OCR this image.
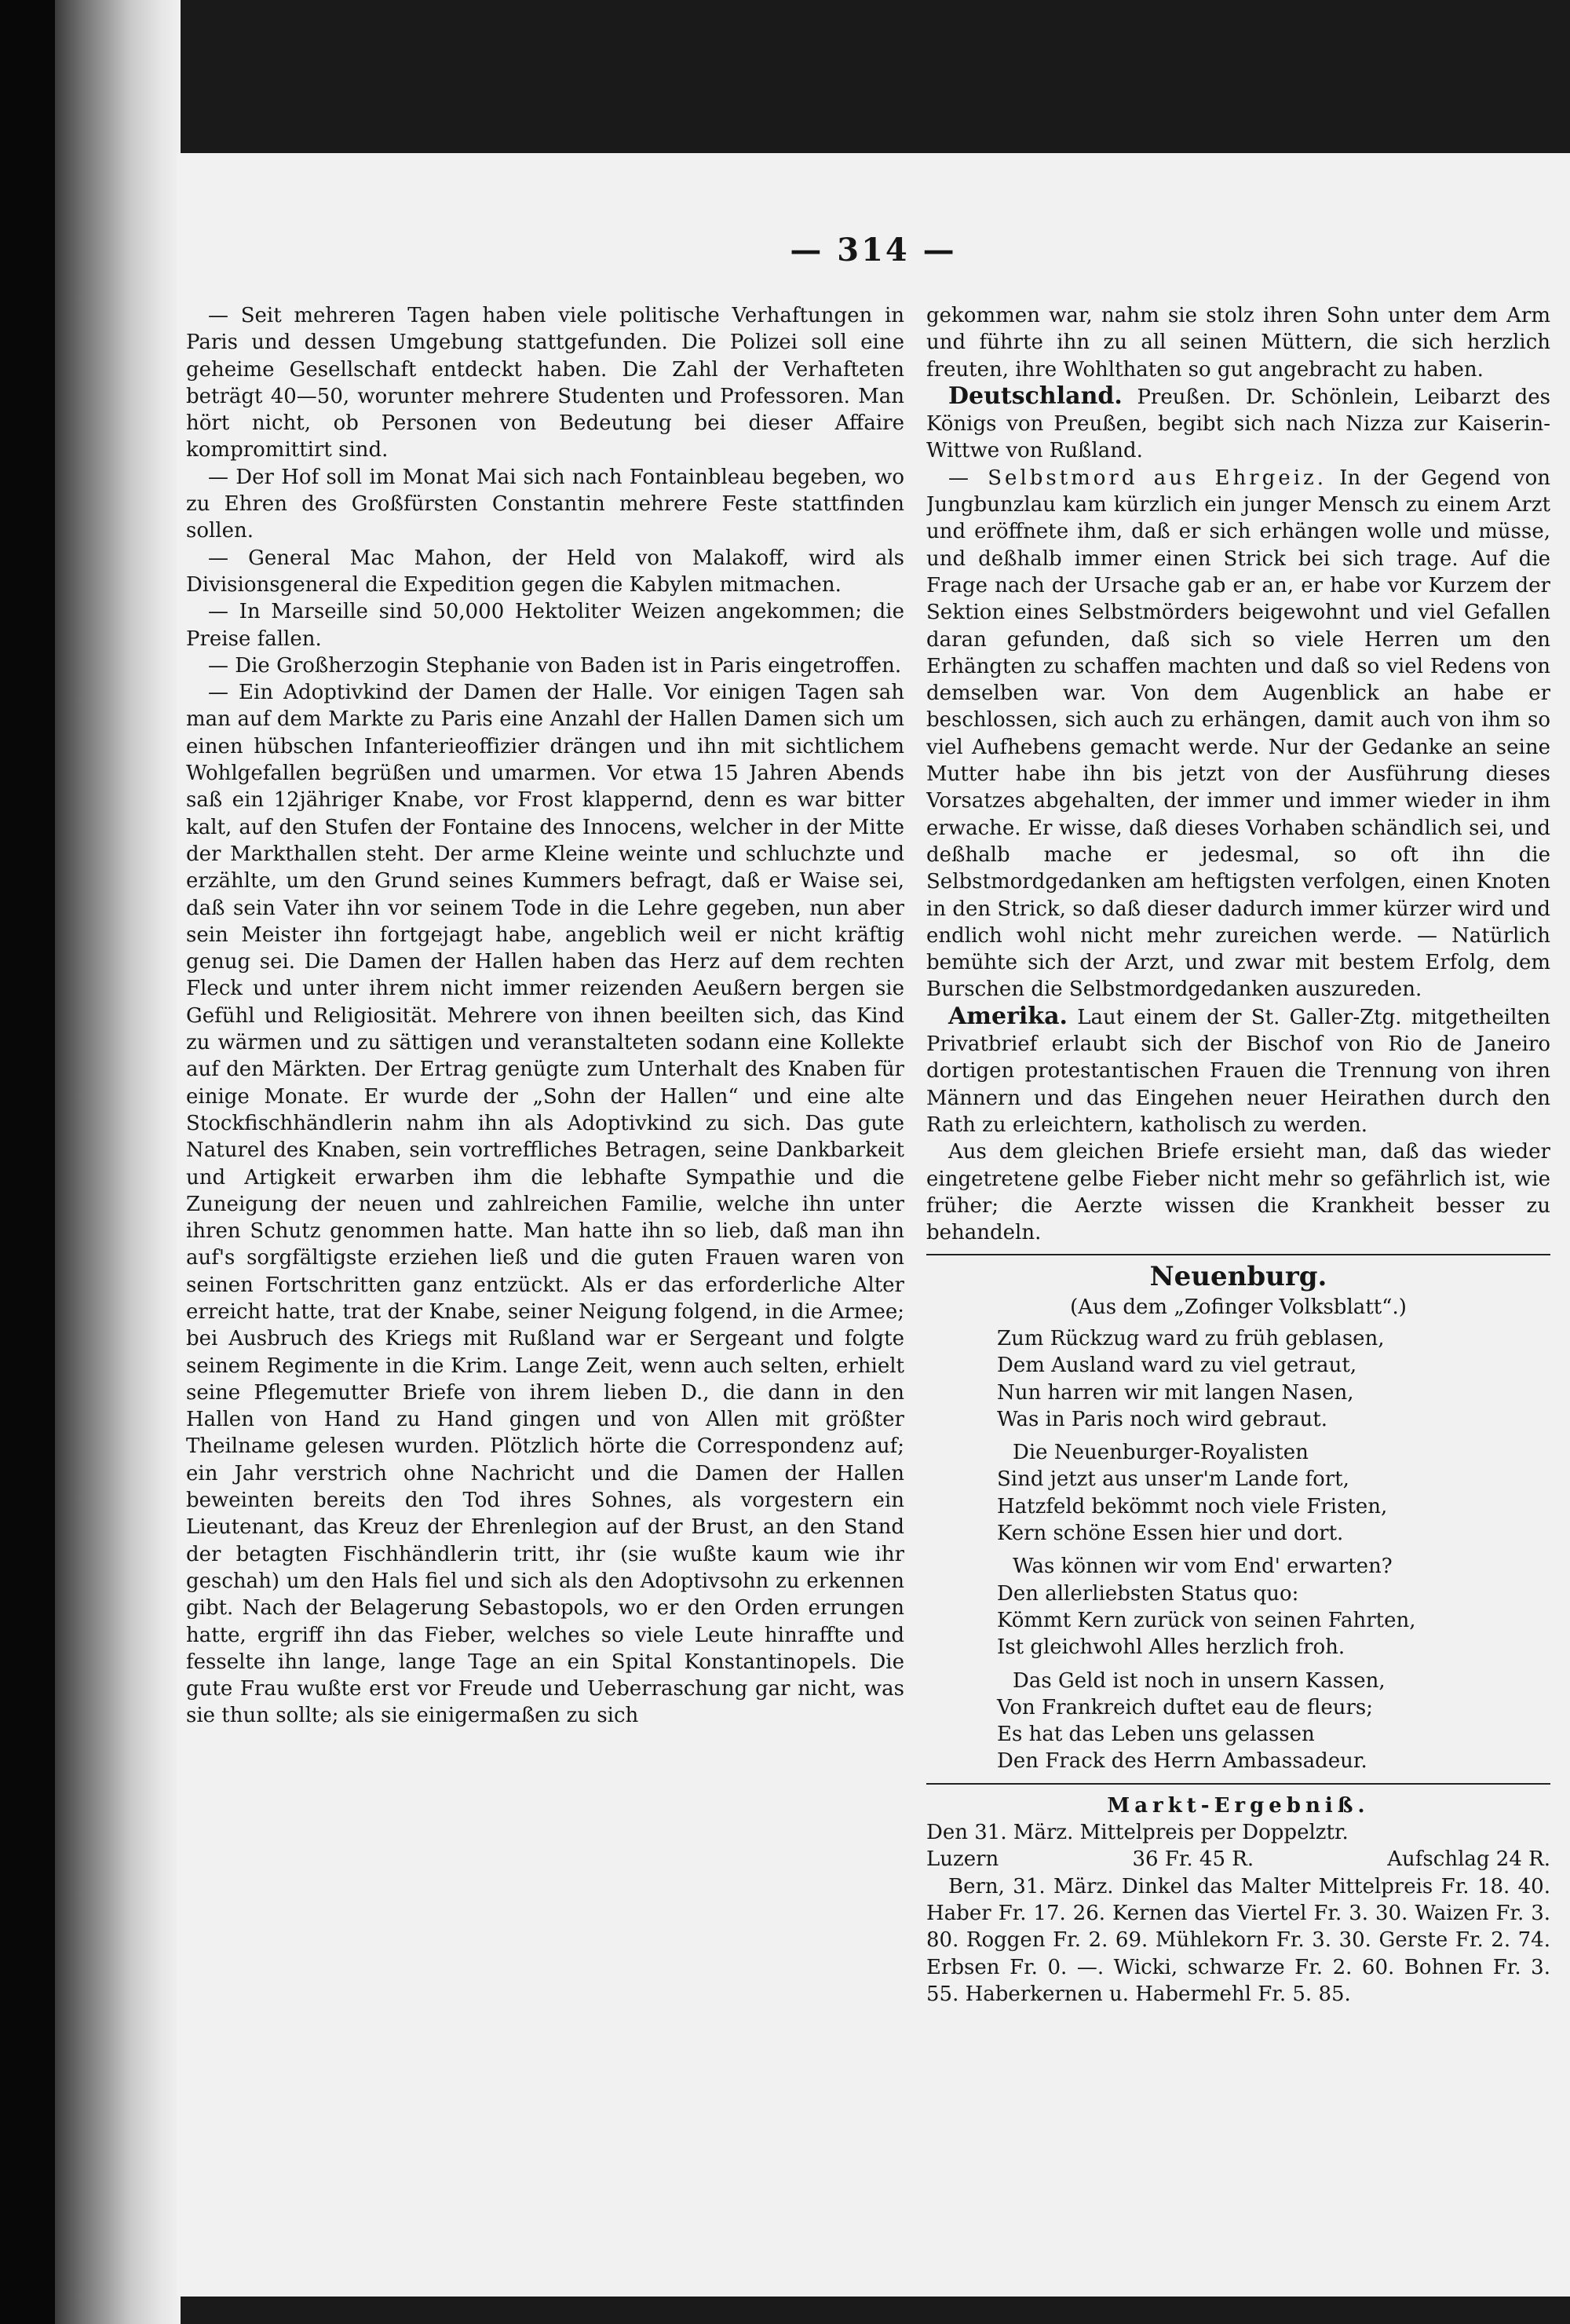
— 314 —

— Seit mehreren Tagen haben viele politische Verhaftungen in Paris und dessen Umgebung stattgefunden. Die Polizei soll eine geheime Gesellschaft entdeckt haben. Die Zahl der Verhafteten beträgt 40—50, worunter mehrere Studenten und Professoren. Man hört nicht, ob Personen von Bedeutung bei dieser Affaire kompromittirt sind.

— Der Hof soll im Monat Mai sich nach Fontainbleau begeben, wo zu Ehren des Großfürsten Constantin mehrere Feste stattfinden sollen.

— General Mac Mahon, der Held von Malakoff, wird als Divisionsgeneral die Expedition gegen die Kabylen mitmachen.

— In Marseille sind 50,000 Hektoliter Weizen angekommen; die Preise fallen.

— Die Großherzogin Stephanie von Baden ist in Paris eingetroffen.

— Ein Adoptivkind der Damen der Halle. Vor einigen Tagen sah man auf dem Markte zu Paris eine Anzahl der Hallen Damen sich um einen hübschen Infanterieoffizier drängen und ihn mit sichtlichem Wohlgefallen begrüßen und umarmen. Vor etwa 15 Jahren Abends saß ein 12jähriger Knabe, vor Frost klappernd, denn es war bitter kalt, auf den Stufen der Fontaine des Innocens, welcher in der Mitte der Markthallen steht. Der arme Kleine weinte und schluchzte und erzählte, um den Grund seines Kummers befragt, daß er Waise sei, daß sein Vater ihn vor seinem Tode in die Lehre gegeben, nun aber sein Meister ihn fortgejagt habe, angeblich weil er nicht kräftig genug sei. Die Damen der Hallen haben das Herz auf dem rechten Fleck und unter ihrem nicht immer reizenden Aeußern bergen sie Gefühl und Religiosität. Mehrere von ihnen beeilten sich, das Kind zu wärmen und zu sättigen und veranstalteten sodann eine Kollekte auf den Märkten. Der Ertrag genügte zum Unterhalt des Knaben für einige Monate. Er wurde der „Sohn der Hallen“ und eine alte Stockfischhändlerin nahm ihn als Adoptivkind zu sich. Das gute Naturel des Knaben, sein vortreffliches Betragen, seine Dankbarkeit und Artigkeit erwarben ihm die lebhafte Sympathie und die Zuneigung der neuen und zahlreichen Familie, welche ihn unter ihren Schutz genommen hatte. Man hatte ihn so lieb, daß man ihn auf's sorgfältigste erziehen ließ und die guten Frauen waren von seinen Fortschritten ganz entzückt. Als er das erforderliche Alter erreicht hatte, trat der Knabe, seiner Neigung folgend, in die Armee; bei Ausbruch des Kriegs mit Rußland war er Sergeant und folgte seinem Regimente in die Krim. Lange Zeit, wenn auch selten, erhielt seine Pflegemutter Briefe von ihrem lieben D., die dann in den Hallen von Hand zu Hand gingen und von Allen mit größter Theilname gelesen wurden. Plötzlich hörte die Correspondenz auf; ein Jahr verstrich ohne Nachricht und die Damen der Hallen beweinten bereits den Tod ihres Sohnes, als vorgestern ein Lieutenant, das Kreuz der Ehrenlegion auf der Brust, an den Stand der betagten Fischhändlerin tritt, ihr (sie wußte kaum wie ihr geschah) um den Hals fiel und sich als den Adoptivsohn zu erkennen gibt. Nach der Belagerung Sebastopols, wo er den Orden errungen hatte, ergriff ihn das Fieber, welches so viele Leute hinraffte und fesselte ihn lange, lange Tage an ein Spital Konstantinopels. Die gute Frau wußte erst vor Freude und Ueberraschung gar nicht, was sie thun sollte; als sie einigermaßen zu sich

gekommen war, nahm sie stolz ihren Sohn unter dem Arm und führte ihn zu all seinen Müttern, die sich herzlich freuten, ihre Wohlthaten so gut angebracht zu haben.

Deutschland. Preußen. Dr. Schönlein, Leibarzt des Königs von Preußen, begibt sich nach Nizza zur Kaiserin-Wittwe von Rußland.

— Selbstmord aus Ehrgeiz. In der Gegend von Jungbunzlau kam kürzlich ein junger Mensch zu einem Arzt und eröffnete ihm, daß er sich erhängen wolle und müsse, und deßhalb immer einen Strick bei sich trage. Auf die Frage nach der Ursache gab er an, er habe vor Kurzem der Sektion eines Selbstmörders beigewohnt und viel Gefallen daran gefunden, daß sich so viele Herren um den Erhängten zu schaffen machten und daß so viel Redens von demselben war. Von dem Augenblick an habe er beschlossen, sich auch zu erhängen, damit auch von ihm so viel Aufhebens gemacht werde. Nur der Gedanke an seine Mutter habe ihn bis jetzt von der Ausführung dieses Vorsatzes abgehalten, der immer und immer wieder in ihm erwache. Er wisse, daß dieses Vorhaben schändlich sei, und deßhalb mache er jedesmal, so oft ihn die Selbstmordgedanken am heftigsten verfolgen, einen Knoten in den Strick, so daß dieser dadurch immer kürzer wird und endlich wohl nicht mehr zureichen werde. — Natürlich bemühte sich der Arzt, und zwar mit bestem Erfolg, dem Burschen die Selbstmordgedanken auszureden.

Amerika. Laut einem der St. Galler-Ztg. mitgetheilten Privatbrief erlaubt sich der Bischof von Rio de Janeiro dortigen protestantischen Frauen die Trennung von ihren Männern und das Eingehen neuer Heirathen durch den Rath zu erleichtern, katholisch zu werden.

Aus dem gleichen Briefe ersieht man, daß das wieder eingetretene gelbe Fieber nicht mehr so gefährlich ist, wie früher; die Aerzte wissen die Krankheit besser zu behandeln.

Neuenburg.
(Aus dem „Zofinger Volksblatt“.)
Zum Rückzug ward zu früh geblasen,
Dem Ausland ward zu viel getraut,
Nun harren wir mit langen Nasen,
Was in Paris noch wird gebraut.
Die Neuenburger-Royalisten
Sind jetzt aus unser'm Lande fort,
Hatzfeld bekömmt noch viele Fristen,
Kern schöne Essen hier und dort.
Was können wir vom End' erwarten?
Den allerliebsten Status quo:
Kömmt Kern zurück von seinen Fahrten,
Ist gleichwohl Alles herzlich froh.
Das Geld ist noch in unsern Kassen,
Von Frankreich duftet eau de fleurs;
Es hat das Leben uns gelassen
Den Frack des Herrn Ambassadeur.
Markt-Ergebniß.

Den 31. März. Mittelpreis per Doppelztr.

Luzern	36 Fr. 45 R.	Aufschlag 24 R.

Bern, 31. März. Dinkel das Malter Mittelpreis Fr. 18. 40. Haber Fr. 17. 26. Kernen das Viertel Fr. 3. 30. Waizen Fr. 3. 80. Roggen Fr. 2. 69. Mühlekorn Fr. 3. 30. Gerste Fr. 2. 74. Erbsen Fr. 0. —. Wicki, schwarze Fr. 2. 60. Bohnen Fr. 3. 55. Haberkernen u. Habermehl Fr. 5. 85.
